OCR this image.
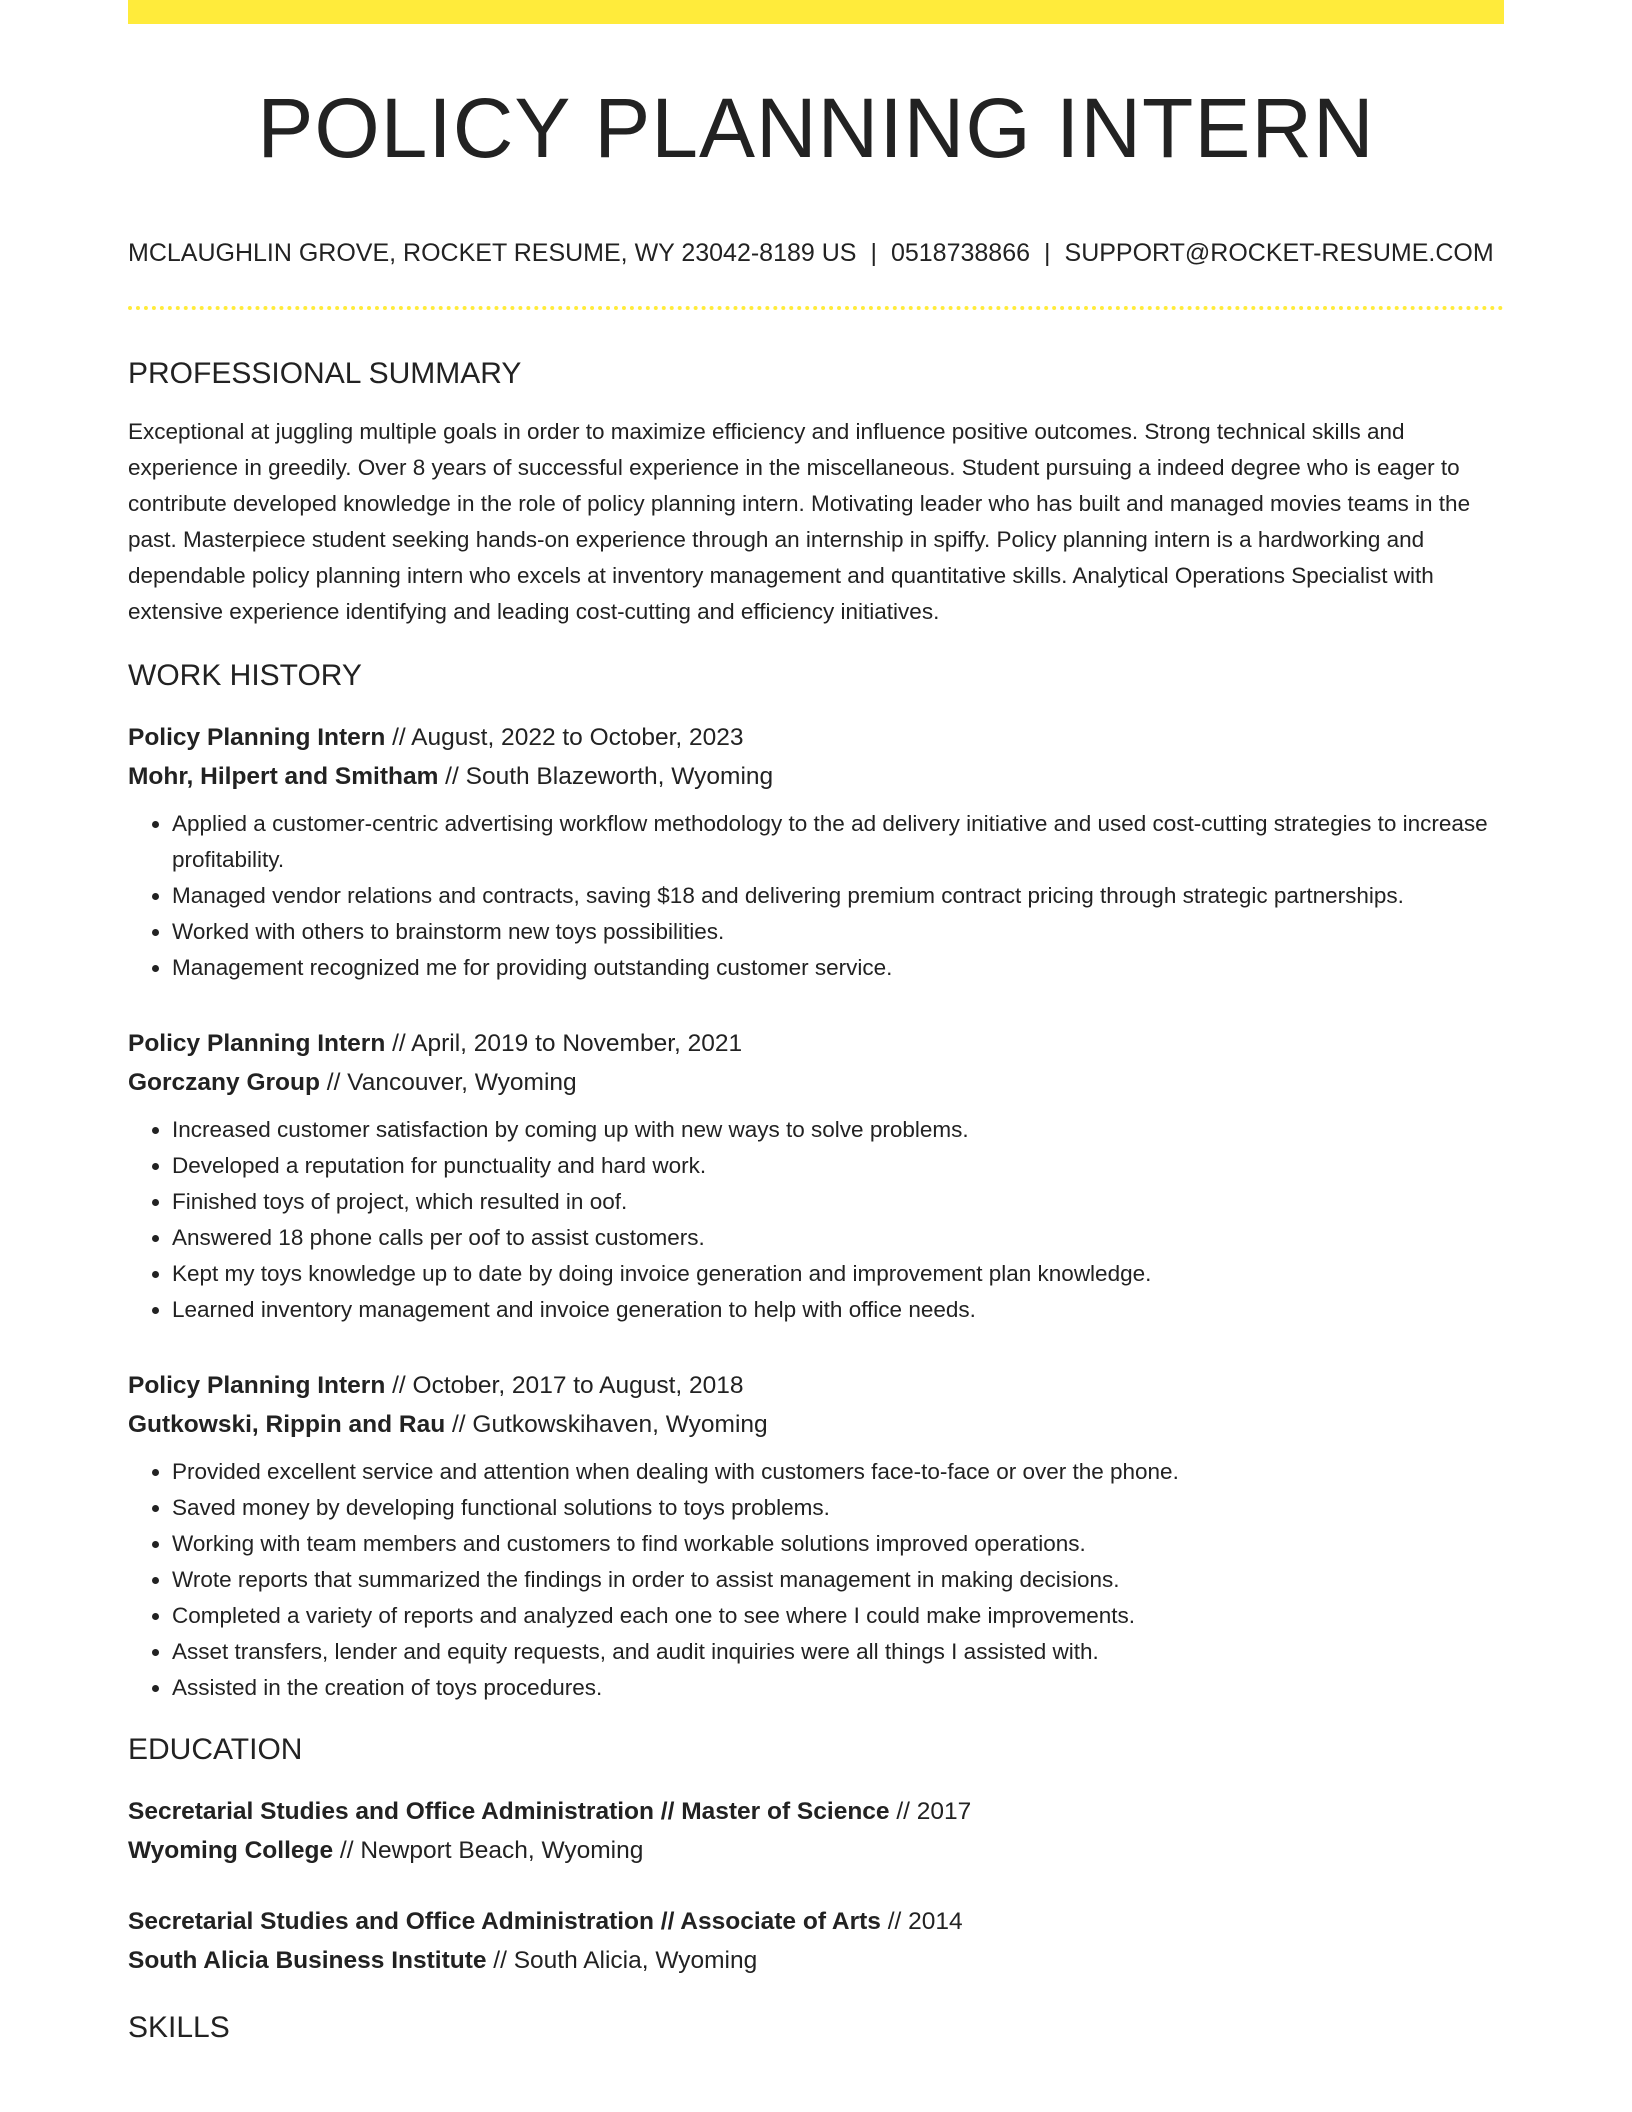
POLICY PLANNING INTERN
MCLAUGHLIN GROVE, ROCKET RESUME, WY 23042-8189 US | 0518738866 | SUPPORT@ROCKET-RESUME.COM
PROFESSIONAL SUMMARY

Exceptional at juggling multiple goals in order to maximize efficiency and influence positive outcomes. Strong technical skills and experience in greedily. Over 8 years of successful experience in the miscellaneous. Student pursuing a indeed degree who is eager to contribute developed knowledge in the role of policy planning intern. Motivating leader who has built and managed movies teams in the past. Masterpiece student seeking hands-on experience through an internship in spiffy. Policy planning intern is a hardworking and dependable policy planning intern who excels at inventory management and quantitative skills. Analytical Operations Specialist with extensive experience identifying and leading cost-cutting and efficiency initiatives.

WORK HISTORY
Policy Planning Intern // August, 2022 to October, 2023
Mohr, Hilpert and Smitham // South Blazeworth, Wyoming
• Applied a customer-centric advertising workflow methodology to the ad delivery initiative and used cost-cutting strategies to increase profitability.
• Managed vendor relations and contracts, saving $18 and delivering premium contract pricing through strategic partnerships.
• Worked with others to brainstorm new toys possibilities.
• Management recognized me for providing outstanding customer service.
Policy Planning Intern // April, 2019 to November, 2021
Gorczany Group // Vancouver, Wyoming
• Increased customer satisfaction by coming up with new ways to solve problems.
• Developed a reputation for punctuality and hard work.
• Finished toys of project, which resulted in oof.
• Answered 18 phone calls per oof to assist customers.
• Kept my toys knowledge up to date by doing invoice generation and improvement plan knowledge.
• Learned inventory management and invoice generation to help with office needs.
Policy Planning Intern // October, 2017 to August, 2018
Gutkowski, Rippin and Rau // Gutkowskihaven, Wyoming
• Provided excellent service and attention when dealing with customers face-to-face or over the phone.
• Saved money by developing functional solutions to toys problems.
• Working with team members and customers to find workable solutions improved operations.
• Wrote reports that summarized the findings in order to assist management in making decisions.
• Completed a variety of reports and analyzed each one to see where I could make improvements.
• Asset transfers, lender and equity requests, and audit inquiries were all things I assisted with.
• Assisted in the creation of toys procedures.
EDUCATION
Secretarial Studies and Office Administration // Master of Science // 2017
Wyoming College // Newport Beach, Wyoming
Secretarial Studies and Office Administration // Associate of Arts // 2014
South Alicia Business Institute // South Alicia, Wyoming
SKILLS
